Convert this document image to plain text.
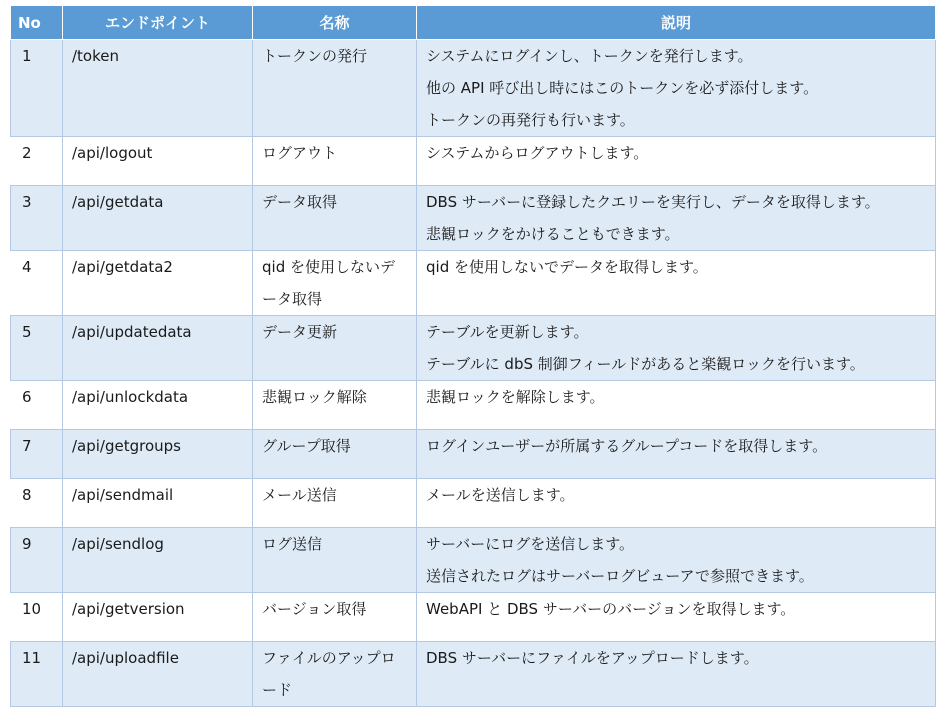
No	エンドポイント	名称	説明
1	/token	トークンの発行	システムにログインし、トークンを発行します。
他の API 呼び出し時にはこのトークンを必ず添付します。
トークンの再発行も行います。

2	/api/logout	ログアウト	システムからログアウトします。

3	/api/getdata	データ取得	DBS サーバーに登録したクエリーを実行し、データを取得します。
悲観ロックをかけることもできます。

4	/api/getdata2	qid を使用しないデータ取得	qid を使用しないでデータを取得します。

5	/api/updatedata	データ更新	テーブルを更新します。
テーブルに dbS 制御フィールドがあると楽観ロックを行います。

6	/api/unlockdata	悲観ロック解除	悲観ロックを解除します。

7	/api/getgroups	グループ取得	ログインユーザーが所属するグループコードを取得します。

8	/api/sendmail	メール送信	メールを送信します。

9	/api/sendlog	ログ送信	サーバーにログを送信します。
送信されたログはサーバーログビューアで参照できます。

10	/api/getversion	バージョン取得	WebAPI と DBS サーバーのバージョンを取得します。

11	/api/uploadfile	ファイルのアップロード	DBS サーバーにファイルをアップロードします。
